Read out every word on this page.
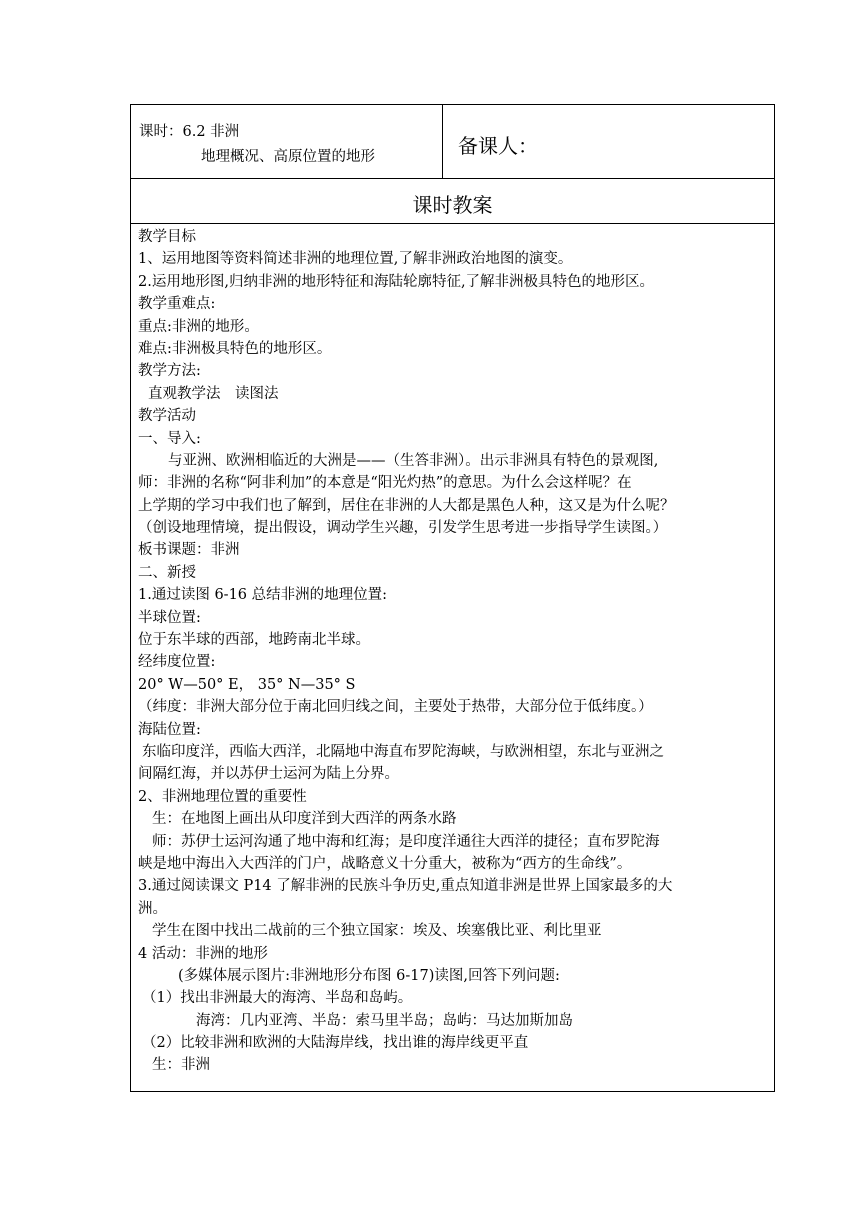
课时：6.2 非洲
地理概况、高原位置的地形	备课人：
课时教案
教学目标
1、运用地图等资料简述非洲的地理位置,了解非洲政治地图的演变。
2.运用地形图,归纳非洲的地形特征和海陆轮廓特征,了解非洲极具特色的地形区。
教学重难点:
重点:非洲的地形。
难点:非洲极具特色的地形区。
教学方法:
直观教学法　读图法
教学活动
一、导入:
与亚洲、欧洲相临近的大洲是——（生答非洲）。出示非洲具有特色的景观图,
师：非洲的名称“阿非利加”的本意是“阳光灼热”的意思。为什么会这样呢？在
上学期的学习中我们也了解到，居住在非洲的人大都是黑色人种，这又是为什么呢？
（创设地理情境，提出假设，调动学生兴趣，引发学生思考进一步指导学生读图。）
板书课题：非洲
二、新授
1.通过读图 6-16 总结非洲的地理位置:
半球位置:
位于东半球的西部，地跨南北半球。
经纬度位置:
20° W—50° E， 35° N—35° S
（纬度：非洲大部分位于南北回归线之间，主要处于热带，大部分位于低纬度。）
海陆位置:
东临印度洋，西临大西洋，北隔地中海直布罗陀海峡，与欧洲相望，东北与亚洲之
间隔红海，并以苏伊士运河为陆上分界。
2、非洲地理位置的重要性
生：在地图上画出从印度洋到大西洋的两条水路
师：苏伊士运河沟通了地中海和红海；是印度洋通往大西洋的捷径；直布罗陀海
峡是地中海出入大西洋的门户，战略意义十分重大，被称为“西方的生命线”。
3.通过阅读课文 P14 了解非洲的民族斗争历史,重点知道非洲是世界上国家最多的大
洲。
学生在图中找出二战前的三个独立国家：埃及、埃塞俄比亚、利比里亚
4 活动：非洲的地形
(多媒体展示图片:非洲地形分布图 6-17)读图,回答下列问题:
（1）找出非洲最大的海湾、半岛和岛屿。
海湾：几内亚湾、半岛：索马里半岛；岛屿：马达加斯加岛
（2）比较非洲和欧洲的大陆海岸线，找出谁的海岸线更平直
生：非洲
